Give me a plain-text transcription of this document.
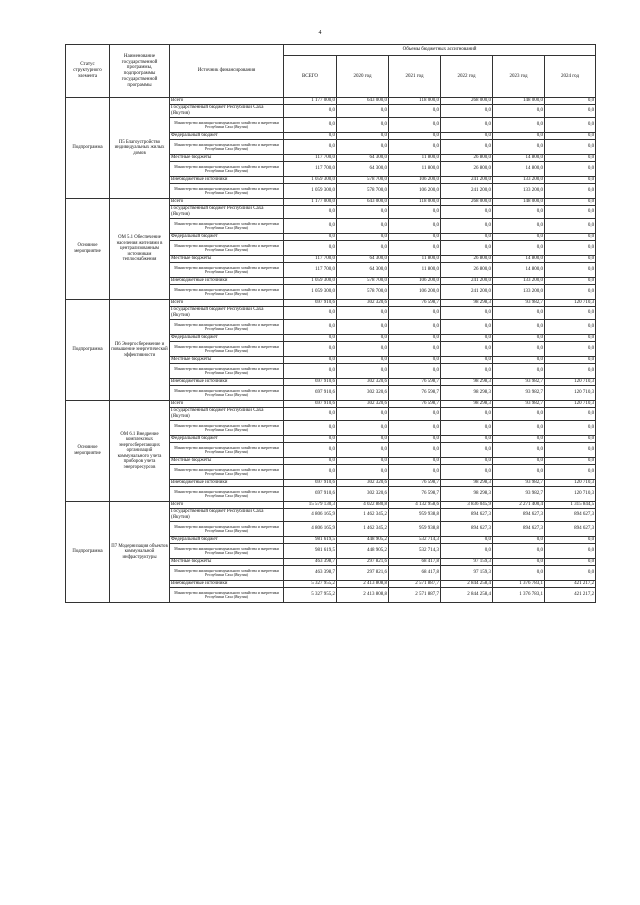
4
Статус структурного элемента	Наименование государственной программы, подпрограммы государственной программы	Источник финансирования	Объемы бюджетных ассигнований					
			ВСЕГО	2020 год	2021 год	2022 год	2023 год	2024 год
Подпрограмма	П5 Благоустройство индивидуальных жилых домов	Всего	1 177 000,0	643 000,0	118 000,0	268 000,0	148 000,0	0,0
		Государственный бюджет Республики Саха (Якутия)	0,0	0,0	0,0	0,0	0,0	0,0
		Министерство жилищно-коммунального хозяйства и энергетики Республики Саха (Якутия)	0,0	0,0	0,0	0,0	0,0	0,0
		Федеральный бюджет	0,0	0,0	0,0	0,0	0,0	0,0
		Министерство жилищно-коммунального хозяйства и энергетики Республики Саха (Якутия)	0,0	0,0	0,0	0,0	0,0	0,0
		Местные бюджеты	117 700,0	64 300,0	11 800,0	26 800,0	14 800,0	0,0
		Министерство жилищно-коммунального хозяйства и энергетики Республики Саха (Якутия)	117 700,0	64 300,0	11 800,0	26 800,0	14 800,0	0,0
		Внебюджетные источники	1 059 300,0	578 700,0	106 200,0	241 200,0	133 200,0	0,0
		Министерство жилищно-коммунального хозяйства и энергетики Республики Саха (Якутия)	1 059 300,0	578 700,0	106 200,0	241 200,0	133 200,0	0,0
Основное мероприятие	ОМ 5.1 Обеспечение населения жителями в централизованным источникам теплоснабжения	Всего	1 177 000,0	643 000,0	118 000,0	268 000,0	148 000,0	0,0
		Государственный бюджет Республики Саха (Якутия)	0,0	0,0	0,0	0,0	0,0	0,0
		Министерство жилищно-коммунального хозяйства и энергетики Республики Саха (Якутия)	0,0	0,0	0,0	0,0	0,0	0,0
		Федеральный бюджет	0,0	0,0	0,0	0,0	0,0	0,0
		Министерство жилищно-коммунального хозяйства и энергетики Республики Саха (Якутия)	0,0	0,0	0,0	0,0	0,0	0,0
		Местные бюджеты	117 700,0	64 300,0	11 800,0	26 800,0	14 800,0	0,0
		Министерство жилищно-коммунального хозяйства и энергетики Республики Саха (Якутия)	117 700,0	64 300,0	11 800,0	26 800,0	14 800,0	0,0
		Внебюджетные источники	1 059 300,0	578 700,0	106 200,0	241 200,0	133 200,0	0,0
		Министерство жилищно-коммунального хозяйства и энергетики Республики Саха (Якутия)	1 059 300,0	578 700,0	106 200,0	241 200,0	133 200,0	0,0
Подпрограмма	П6 Энергосбережение и повышение энергетической эффективности	Всего	697 910,6	302 320,6	76 598,7	98 298,3	93 982,7	120 710,3
		Государственный бюджет Республики Саха (Якутия)	0,0	0,0	0,0	0,0	0,0	0,0
		Министерство жилищно-коммунального хозяйства и энергетики Республики Саха (Якутия)	0,0	0,0	0,0	0,0	0,0	0,0
		Федеральный бюджет	0,0	0,0	0,0	0,0	0,0	0,0
		Министерство жилищно-коммунального хозяйства и энергетики Республики Саха (Якутия)	0,0	0,0	0,0	0,0	0,0	0,0
		Местные бюджеты	0,0	0,0	0,0	0,0	0,0	0,0
		Министерство жилищно-коммунального хозяйства и энергетики Республики Саха (Якутия)	0,0	0,0	0,0	0,0	0,0	0,0
		Внебюджетные источники	697 910,6	302 320,6	76 598,7	98 298,3	93 982,7	120 710,3
		Министерство жилищно-коммунального хозяйства и энергетики Республики Саха (Якутия)	697 910,6	302 320,6	76 598,7	98 298,3	93 982,7	120 710,3
Основное мероприятие	ОМ 6.1 Внедрение комплексных энергосберегающих организаций коммунального учета приборов учета энергоресурсов	Всего	697 910,6	302 320,6	76 598,7	98 298,3	93 982,7	120 710,3
		Государственный бюджет Республики Саха (Якутия)	0,0	0,0	0,0	0,0	0,0	0,0
		Министерство жилищно-коммунального хозяйства и энергетики Республики Саха (Якутия)	0,0	0,0	0,0	0,0	0,0	0,0
		Федеральный бюджет	0,0	0,0	0,0	0,0	0,0	0,0
		Министерство жилищно-коммунального хозяйства и энергетики Республики Саха (Якутия)	0,0	0,0	0,0	0,0	0,0	0,0
		Местные бюджеты	0,0	0,0	0,0	0,0	0,0	0,0
		Министерство жилищно-коммунального хозяйства и энергетики Республики Саха (Якутия)	0,0	0,0	0,0	0,0	0,0	0,0
		Внебюджетные источники	697 910,6	302 320,6	76 598,7	98 298,3	93 982,7	120 710,3
		Министерство жилищно-коммунального хозяйства и энергетики Республики Саха (Якутия)	697 910,6	302 320,6	76 598,7	98 298,3	93 982,7	120 710,3
Подпрограмма	П7 Модернизация объектов коммунальной инфраструктуры	Всего	15 579 130,3	4 022 880,8	4 132 958,6	3 836 045,9	2 271 400,4	1 315 844,5
		Государственный бюджет Республики Саха (Якутия)	4 806 165,9	1 462 345,2	959 938,8	894 627,3	894 627,3	894 627,3
		Министерство жилищно-коммунального хозяйства и энергетики Республики Саха (Якутия)	4 806 165,9	1 462 345,2	959 938,8	894 627,3	894 627,3	894 627,3
		Федеральный бюджет	981 619,5	448 905,2	532 714,3	0,0	0,0	0,0
		Министерство жилищно-коммунального хозяйства и энергетики Республики Саха (Якутия)	981 619,5	448 905,2	532 714,3	0,0	0,0	0,0
		Местные бюджеты	463 398,7	297 821,6	68 417,8	97 159,3	0,0	0,0
		Министерство жилищно-коммунального хозяйства и энергетики Республики Саха (Якутия)	463 398,7	297 821,6	68 417,8	97 159,3	0,0	0,0
		Внебюджетные источники	5 327 955,2	2 413 808,8	2 571 887,7	2 844 258,4	1 376 783,1	421 217,2
		Министерство жилищно-коммунального хозяйства и энергетики Республики Саха (Якутия)	5 327 955,2	2 413 808,8	2 571 887,7	2 844 258,4	1 376 783,1	421 217,2
